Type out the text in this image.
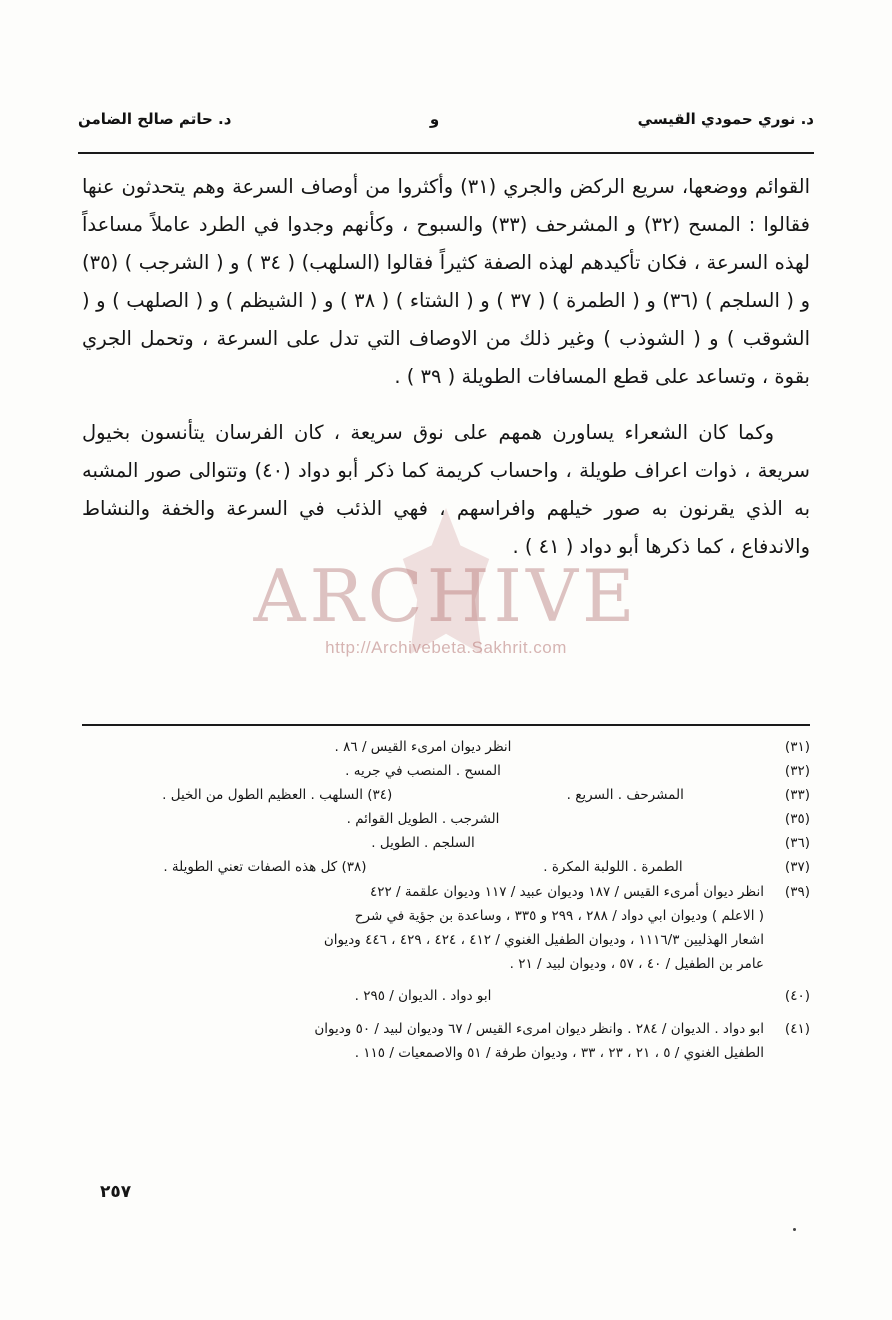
د. نوري حمودي القيسي
و
د. حاتم صالح الضامن

القوائم ووضعها، سريع الركض والجري (٣١) وأكثروا من أوصاف السرعة وهم يتحدثون عنها فقالوا : المسح (٣٢) و المشرحف (٣٣) والسبوح ، وكأنهم وجدوا في الطرد عاملاً مساعداً لهذه السرعة ، فكان تأكيدهم لهذه الصفة كثيراً فقالوا (السلهب) ( ٣٤ ) و ( الشرجب ) (٣٥) و ( السلجم ) (٣٦) و ( الطمرة ) ( ٣٧ ) و ( الشتاء ) ( ٣٨ ) و ( الشيظم ) و ( الصلهب ) و ( الشوقب ) و ( الشوذب ) وغير ذلك من الاوصاف التي تدل على السرعة ، وتحمل الجري بقوة ، وتساعد على قطع المسافات الطويلة ( ٣٩ ) .

وكما كان الشعراء يساورن همهم على نوق سريعة ، كان الفرسان يتأنسون بخيول سريعة ، ذوات اعراف طويلة ، واحساب كريمة كما ذكر أبو دواد (٤٠) وتتوالى صور المشبه به الذي يقرنون به صور خيلهم وافراسهم ، فهي الذئب في السرعة والخفة والنشاط والاندفاع ، كما ذكرها أبو دواد ( ٤١ ) .

ARCHIVE
http://Archivebeta.Sakhrit.com
(٣١)
انظر ديوان امرىء القيس / ٨٦ .
(٣٢)
المسح . المنصب في جريه .
(٣٣)
المشرحف . السريع .
(٣٤) السلهب . العظيم الطول من الخيل .
(٣٥)
الشرجب . الطويل القوائم .
(٣٦)
السلجم . الطويل .
(٣٧)
الطمرة . اللولبة المكرة .
(٣٨) كل هذه الصفات تعني الطويلة .
(٣٩)
انظر ديوان أمرىء القيس / ١٨٧ وديوان عبيد / ١١٧ وديوان علقمة / ٤٢٢
( الاعلم ) وديوان ابي دواد / ٢٨٨ ، ٢٩٩ و ٣٣٥ ، وساعدة بن جؤية في شرح
اشعار الهذليين ١١١٦/٣ ، وديوان الطفيل الغنوي / ٤١٢ ، ٤٢٤ ، ٤٢٩ ، ٤٤٦ وديوان
عامر بن الطفيل / ٤٠ ، ٥٧ ، وديوان لبيد / ٢١ .
(٤٠)
ابو دواد . الديوان / ٢٩٥ .
(٤١)
ابو دواد . الديوان / ٢٨٤ . وانظر ديوان امرىء القيس / ٦٧ وديوان لبيد / ٥٠ وديوان
الطفيل الغنوي / ٥ ، ٢١ ، ٢٣ ، ٣٣ ، وديوان طرفة / ٥١ والاصمعيات / ١١٥ .
٢٥٧
